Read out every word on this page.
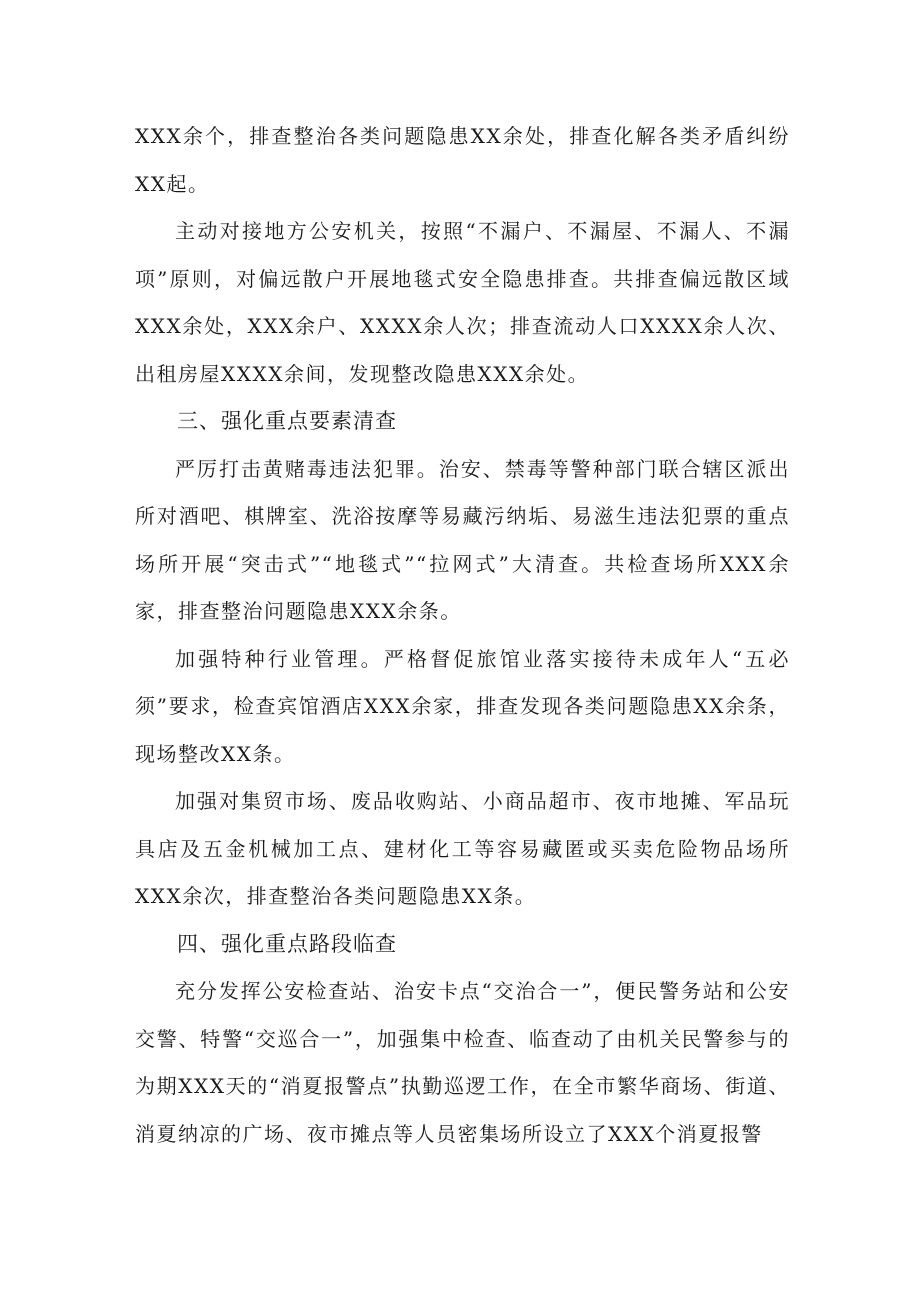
XXX余个，排查整治各类问题隐患XX余处，排查化解各类矛盾纠纷XX起。

主动对接地方公安机关，按照“不漏户、不漏屋、不漏人、不漏项”原则，对偏远散户开展地毯式安全隐患排查。共排查偏远散区域XXX余处，XXX余户、XXXX余人次；排查流动人口XXXX余人次、出租房屋XXXX余间，发现整改隐患XXX余处。

三、强化重点要素清查

严厉打击黄赌毒违法犯罪。治安、禁毒等警种部门联合辖区派出所对酒吧、棋牌室、洗浴按摩等易藏污纳垢、易滋生违法犯票的重点场所开展“突击式”“地毯式”“拉网式”大清查。共检查场所XXX余家，排查整治问题隐患XXX余条。

加强特种行业管理。严格督促旅馆业落实接待未成年人“五必须”要求，检查宾馆酒店XXX余家，排查发现各类问题隐患XX余条，现场整改XX条。

加强对集贸市场、废品收购站、小商品超市、夜市地摊、军品玩具店及五金机械加工点、建材化工等容易藏匿或买卖危险物品场所XXX余次，排查整治各类问题隐患XX条。

四、强化重点路段临查

充分发挥公安检查站、治安卡点“交治合一”，便民警务站和公安交警、特警“交巡合一”，加强集中检查、临查动了由机关民警参与的为期XXX天的“消夏报警点”执勤巡逻工作，在全市繁华商场、街道、消夏纳凉的广场、夜市摊点等人员密集场所设立了XXX个消夏报警
